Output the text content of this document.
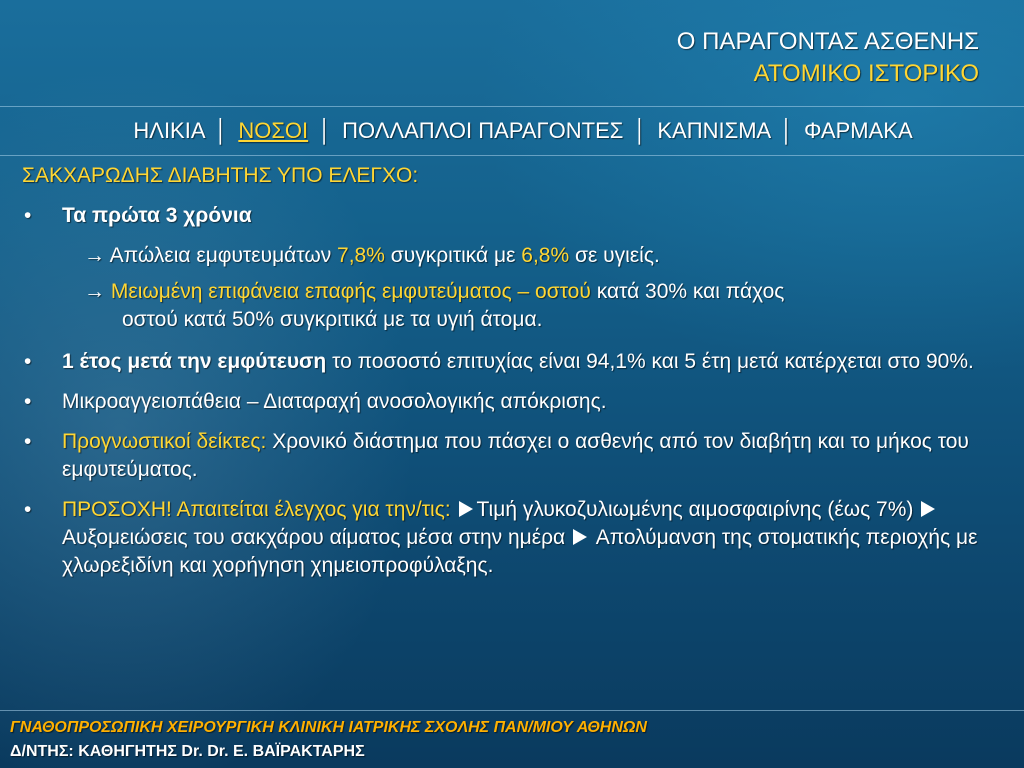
Ο ΠΑΡΑΓΟΝΤΑΣ ΑΣΘΕΝΗΣ
ΑΤΟΜΙΚΟ ΙΣΤΟΡΙΚΟ
ΗΛΙΚΙΑ │ ΝΟΣΟΙ │ ΠΟΛΛΑΠΛΟΙ ΠΑΡΑΓΟΝΤΕΣ │ ΚΑΠΝΙΣΜΑ │ ΦΑΡΜΑΚΑ
ΣΑΚΧΑΡΩΔΗΣ ΔΙΑΒΗΤΗΣ ΥΠΟ ΕΛΕΓΧΟ:
• Τα πρώτα 3 χρόνια
→ Απώλεια εμφυτευμάτων 7,8% συγκριτικά με 6,8% σε υγιείς.
→ Μειωμένη επιφάνεια επαφής εμφυτεύματος – οστού κατά 30% και πάχος
οστού κατά 50% συγκριτικά με τα υγιή άτομα.
• 1 έτος μετά την εμφύτευση το ποσοστό επιτυχίας είναι 94,1% και 5 έτη μετά κατέρχεται στο 90%.
• Μικροαγγειοπάθεια – Διαταραχή ανοσολογικής απόκρισης.
• Προγνωστικοί δείκτες: Χρονικό διάστημα που πάσχει ο ασθενής από τον διαβήτη και το μήκος του εμφυτεύματος.
• ΠΡΟΣΟΧΗ! Απαιτείται έλεγχος για την/τις: Τιμή γλυκοζυλιωμένης αιμοσφαιρίνης (έως 7%)  Αυξομειώσεις του σακχάρου αίματος μέσα στην ημέρα  Απολύμανση της στοματικής περιοχής με χλωρεξιδίνη και χορήγηση χημειοπροφύλαξης.
ΓΝΑΘΟΠΡΟΣΩΠΙΚΗ ΧΕΙΡΟΥΡΓΙΚΗ ΚΛΙΝΙΚΗ ΙΑΤΡΙΚΗΣ ΣΧΟΛΗΣ ΠΑΝ/ΜΙΟΥ ΑΘΗΝΩΝ
Δ/ΝΤΗΣ: ΚΑΘΗΓΗΤΗΣ Dr. Dr. Ε. ΒΑΪΡΑΚΤΑΡΗΣ
